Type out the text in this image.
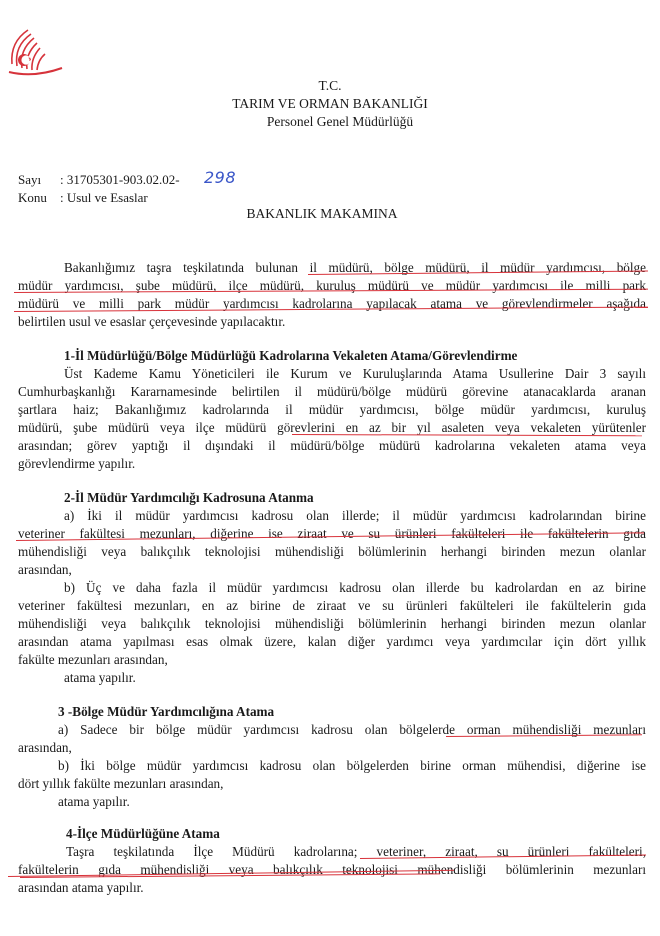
T.C.
TARIM VE ORMAN BAKANLIĞI
Personel Genel Müdürlüğü
Sayı : 31705301-903.02.02- 298
Konu : Usul ve Esaslar
BAKANLIK MAKAMINA
Bakanlığımız taşra teşkilatında bulunan il müdürü, bölge müdürü, il müdür yardımcısı, bölge
müdür yardımcısı, şube müdürü, ilçe müdürü, kuruluş müdürü ve müdür yardımcısı ile milli park
müdürü ve milli park müdür yardımcısı kadrolarına yapılacak atama ve görevlendirmeler aşağıda
belirtilen usul ve esaslar çerçevesinde yapılacaktır.
1-İl Müdürlüğü/Bölge Müdürlüğü Kadrolarına Vekaleten Atama/Görevlendirme
Üst Kademe Kamu Yöneticileri ile Kurum ve Kuruluşlarında Atama Usullerine Dair 3 sayılı
Cumhurbaşkanlığı Kararnamesinde belirtilen il müdürü/bölge müdürü görevine atanacaklarda aranan
şartlara haiz; Bakanlığımız kadrolarında il müdür yardımcısı, bölge müdür yardımcısı, kuruluş
müdürü, şube müdürü veya ilçe müdürü görevlerini en az bir yıl asaleten veya vekaleten yürütenler
arasından; görev yaptığı il dışındaki il müdürü/bölge müdürü kadrolarına vekaleten atama veya
görevlendirme yapılır.
2-İl Müdür Yardımcılığı Kadrosuna Atanma
a) İki il müdür yardımcısı kadrosu olan illerde; il müdür yardımcısı kadrolarından birine
veteriner fakültesi mezunları, diğerine ise ziraat ve su ürünleri fakülteleri ile fakültelerin gıda
mühendisliği veya balıkçılık teknolojisi mühendisliği bölümlerinin herhangi birinden mezun olanlar
arasından,
b) Üç ve daha fazla il müdür yardımcısı kadrosu olan illerde bu kadrolardan en az birine
veteriner fakültesi mezunları, en az birine de ziraat ve su ürünleri fakülteleri ile fakültelerin gıda
mühendisliği veya balıkçılık teknolojisi mühendisliği bölümlerinin herhangi birinden mezun olanlar
arasından atama yapılması esas olmak üzere, kalan diğer yardımcı veya yardımcılar için dört yıllık
fakülte mezunları arasından,
atama yapılır.
3 -Bölge Müdür Yardımcılığına Atama
a) Sadece bir bölge müdür yardımcısı kadrosu olan bölgelerde orman mühendisliği mezunları
arasından,
b) İki bölge müdür yardımcısı kadrosu olan bölgelerden birine orman mühendisi, diğerine ise
dört yıllık fakülte mezunları arasından,
atama yapılır.
4-İlçe Müdürlüğüne Atama
Taşra teşkilatında İlçe Müdürü kadrolarına; veteriner, ziraat, su ürünleri fakülteleri,
fakültelerin gıda mühendisliği veya balıkçılık teknolojisi mühendisliği bölümlerinin mezunları
arasından atama yapılır.
